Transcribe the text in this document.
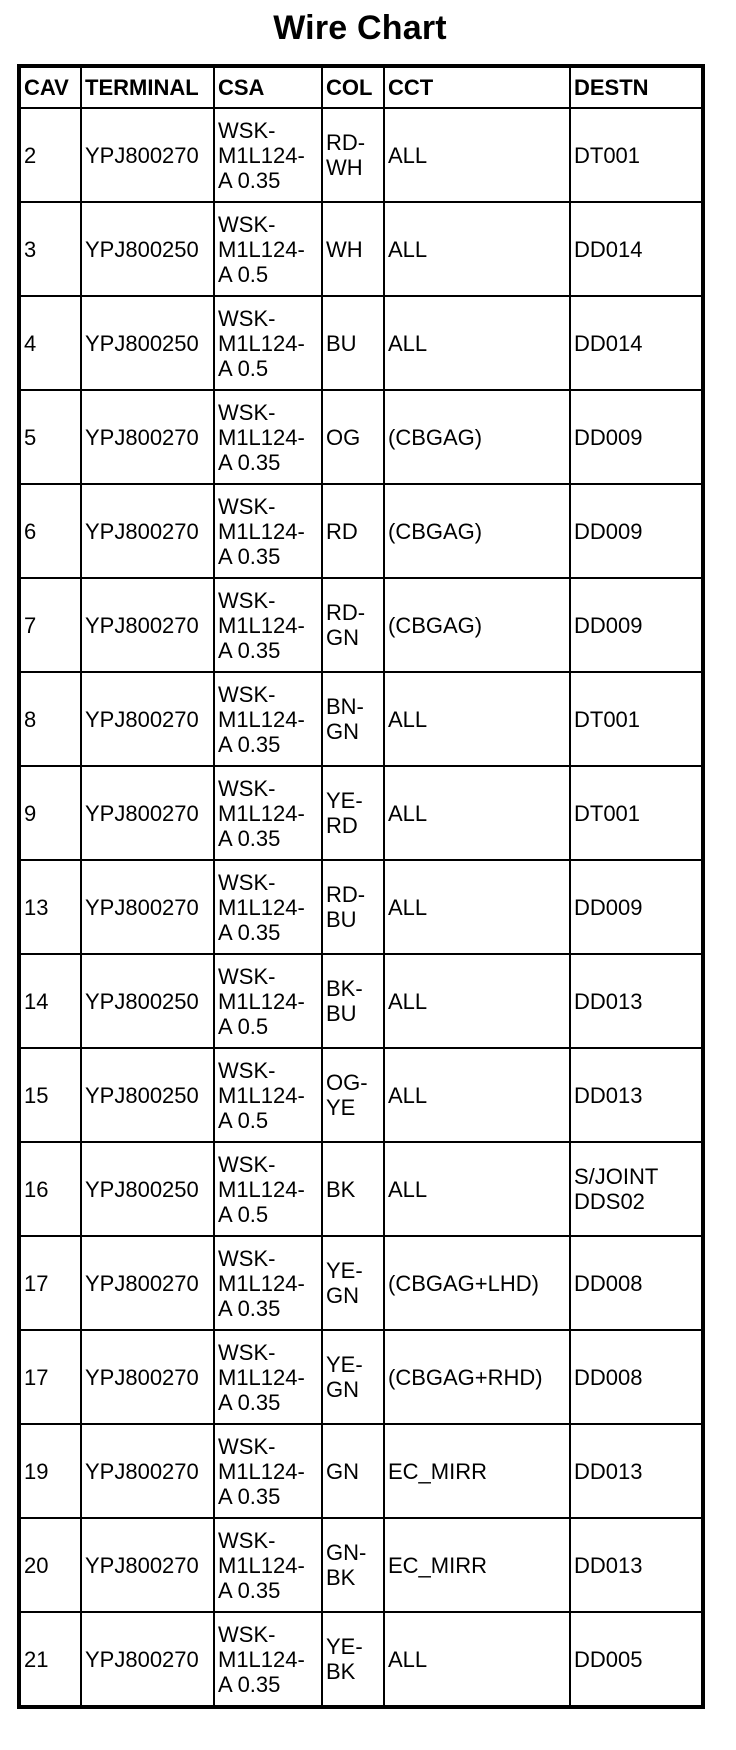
Wire Chart
CAV	TERMINAL	CSA	COL	CCT	DESTN
2	YPJ800270	WSK-
M1L124-
A 0.35	RD-
WH	ALL	DT001
3	YPJ800250	WSK-
M1L124-
A 0.5	WH	ALL	DD014
4	YPJ800250	WSK-
M1L124-
A 0.5	BU	ALL	DD014
5	YPJ800270	WSK-
M1L124-
A 0.35	OG	(CBGAG)	DD009
6	YPJ800270	WSK-
M1L124-
A 0.35	RD	(CBGAG)	DD009
7	YPJ800270	WSK-
M1L124-
A 0.35	RD-
GN	(CBGAG)	DD009
8	YPJ800270	WSK-
M1L124-
A 0.35	BN-
GN	ALL	DT001
9	YPJ800270	WSK-
M1L124-
A 0.35	YE-
RD	ALL	DT001
13	YPJ800270	WSK-
M1L124-
A 0.35	RD-
BU	ALL	DD009
14	YPJ800250	WSK-
M1L124-
A 0.5	BK-
BU	ALL	DD013
15	YPJ800250	WSK-
M1L124-
A 0.5	OG-
YE	ALL	DD013
16	YPJ800250	WSK-
M1L124-
A 0.5	BK	ALL	S/JOINT
DDS02
17	YPJ800270	WSK-
M1L124-
A 0.35	YE-
GN	(CBGAG+LHD)	DD008
17	YPJ800270	WSK-
M1L124-
A 0.35	YE-
GN	(CBGAG+RHD)	DD008
19	YPJ800270	WSK-
M1L124-
A 0.35	GN	EC_MIRR	DD013
20	YPJ800270	WSK-
M1L124-
A 0.35	GN-
BK	EC_MIRR	DD013
21	YPJ800270	WSK-
M1L124-
A 0.35	YE-
BK	ALL	DD005
